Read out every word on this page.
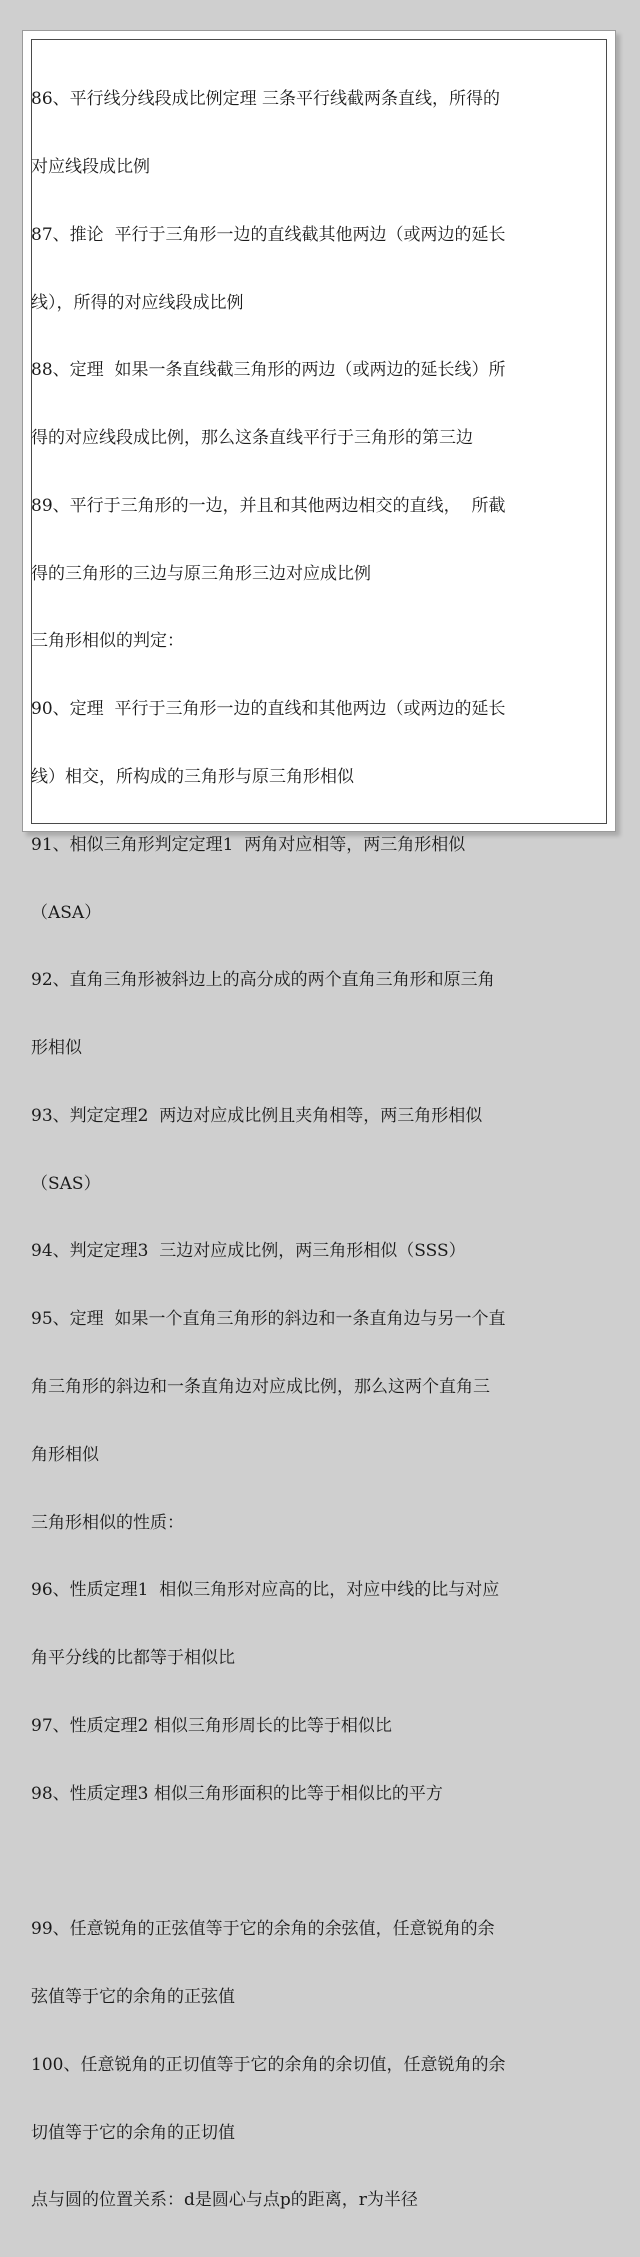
86、平行线分线段成比例定理 三条平行线截两条直线，所得的

对应线段成比例

87、推论  平行于三角形一边的直线截其他两边（或两边的延长

线），所得的对应线段成比例

88、定理  如果一条直线截三角形的两边（或两边的延长线）所

得的对应线段成比例，那么这条直线平行于三角形的第三边

89、平行于三角形的一边，并且和其他两边相交的直线，  所截

得的三角形的三边与原三角形三边对应成比例

三角形相似的判定：

90、定理  平行于三角形一边的直线和其他两边（或两边的延长

线）相交，所构成的三角形与原三角形相似

91、相似三角形判定定理1  两角对应相等，两三角形相似

（ASA）

92、直角三角形被斜边上的高分成的两个直角三角形和原三角

形相似

93、判定定理2  两边对应成比例且夹角相等，两三角形相似

（SAS）

94、判定定理3  三边对应成比例，两三角形相似（SSS）

95、定理  如果一个直角三角形的斜边和一条直角边与另一个直

角三角形的斜边和一条直角边对应成比例，那么这两个直角三

角形相似

三角形相似的性质：

96、性质定理1  相似三角形对应高的比，对应中线的比与对应

角平分线的比都等于相似比

97、性质定理2 相似三角形周长的比等于相似比

98、性质定理3 相似三角形面积的比等于相似比的平方

99、任意锐角的正弦值等于它的余角的余弦值，任意锐角的余

弦值等于它的余角的正弦值

100、任意锐角的正切值等于它的余角的余切值，任意锐角的余

切值等于它的余角的正切值

点与圆的位置关系：d是圆心与点p的距离，r为半径
